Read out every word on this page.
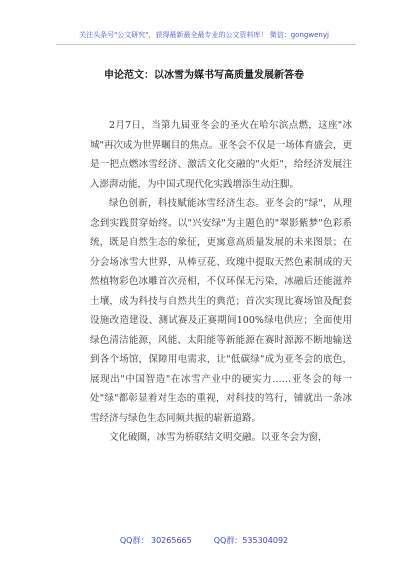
关注头条号"公文研究"，获得最新最全最专业的公文资料库！ 微信：gongwenyj
申论范文：以冰雪为媒书写高质量发展新答卷

2月7日，当第九届亚冬会的圣火在哈尔滨点燃，这座"冰城"再次成为世界瞩目的焦点。亚冬会不仅是一场体育盛会，更是一把点燃冰雪经济、激活文化交融的"火炬"，给经济发展注入澎湃动能，为中国式现代化实践增添生动注脚。

绿色创新，科技赋能冰雪经济生态。亚冬会的"绿"，从理念到实践贯穿始终。以"兴安绿"为主题色的"翠影紫梦"色彩系统，既是自然生态的象征，更寓意高质量发展的未来图景；在分会场冰雪大世界，从棒豆花、玫瑰中提取天然色素制成的天然植物彩色冰雕首次亮相，不仅环保无污染，冰融后还能滋养土壤，成为科技与自然共生的典范；首次实现比赛场馆及配套设施改造建设、测试赛及正赛期间100%绿电供应；全面使用绿色清洁能源，风能、太阳能等新能源在赛时源源不断地输送到各个场馆，保障用电需求，让"低碳绿"成为亚冬会的底色，展现出"中国智造"在冰雪产业中的硬实力……亚冬会的每一处"绿"都彰显着对生态的重视，对科技的笃行，铺就出一条冰雪经济与绿色生态同频共振的崭新道路。

文化破圈，冰雪为桥联结文明交融。以亚冬会为窗，

QQ群： 30265665	QQ群：535304092
